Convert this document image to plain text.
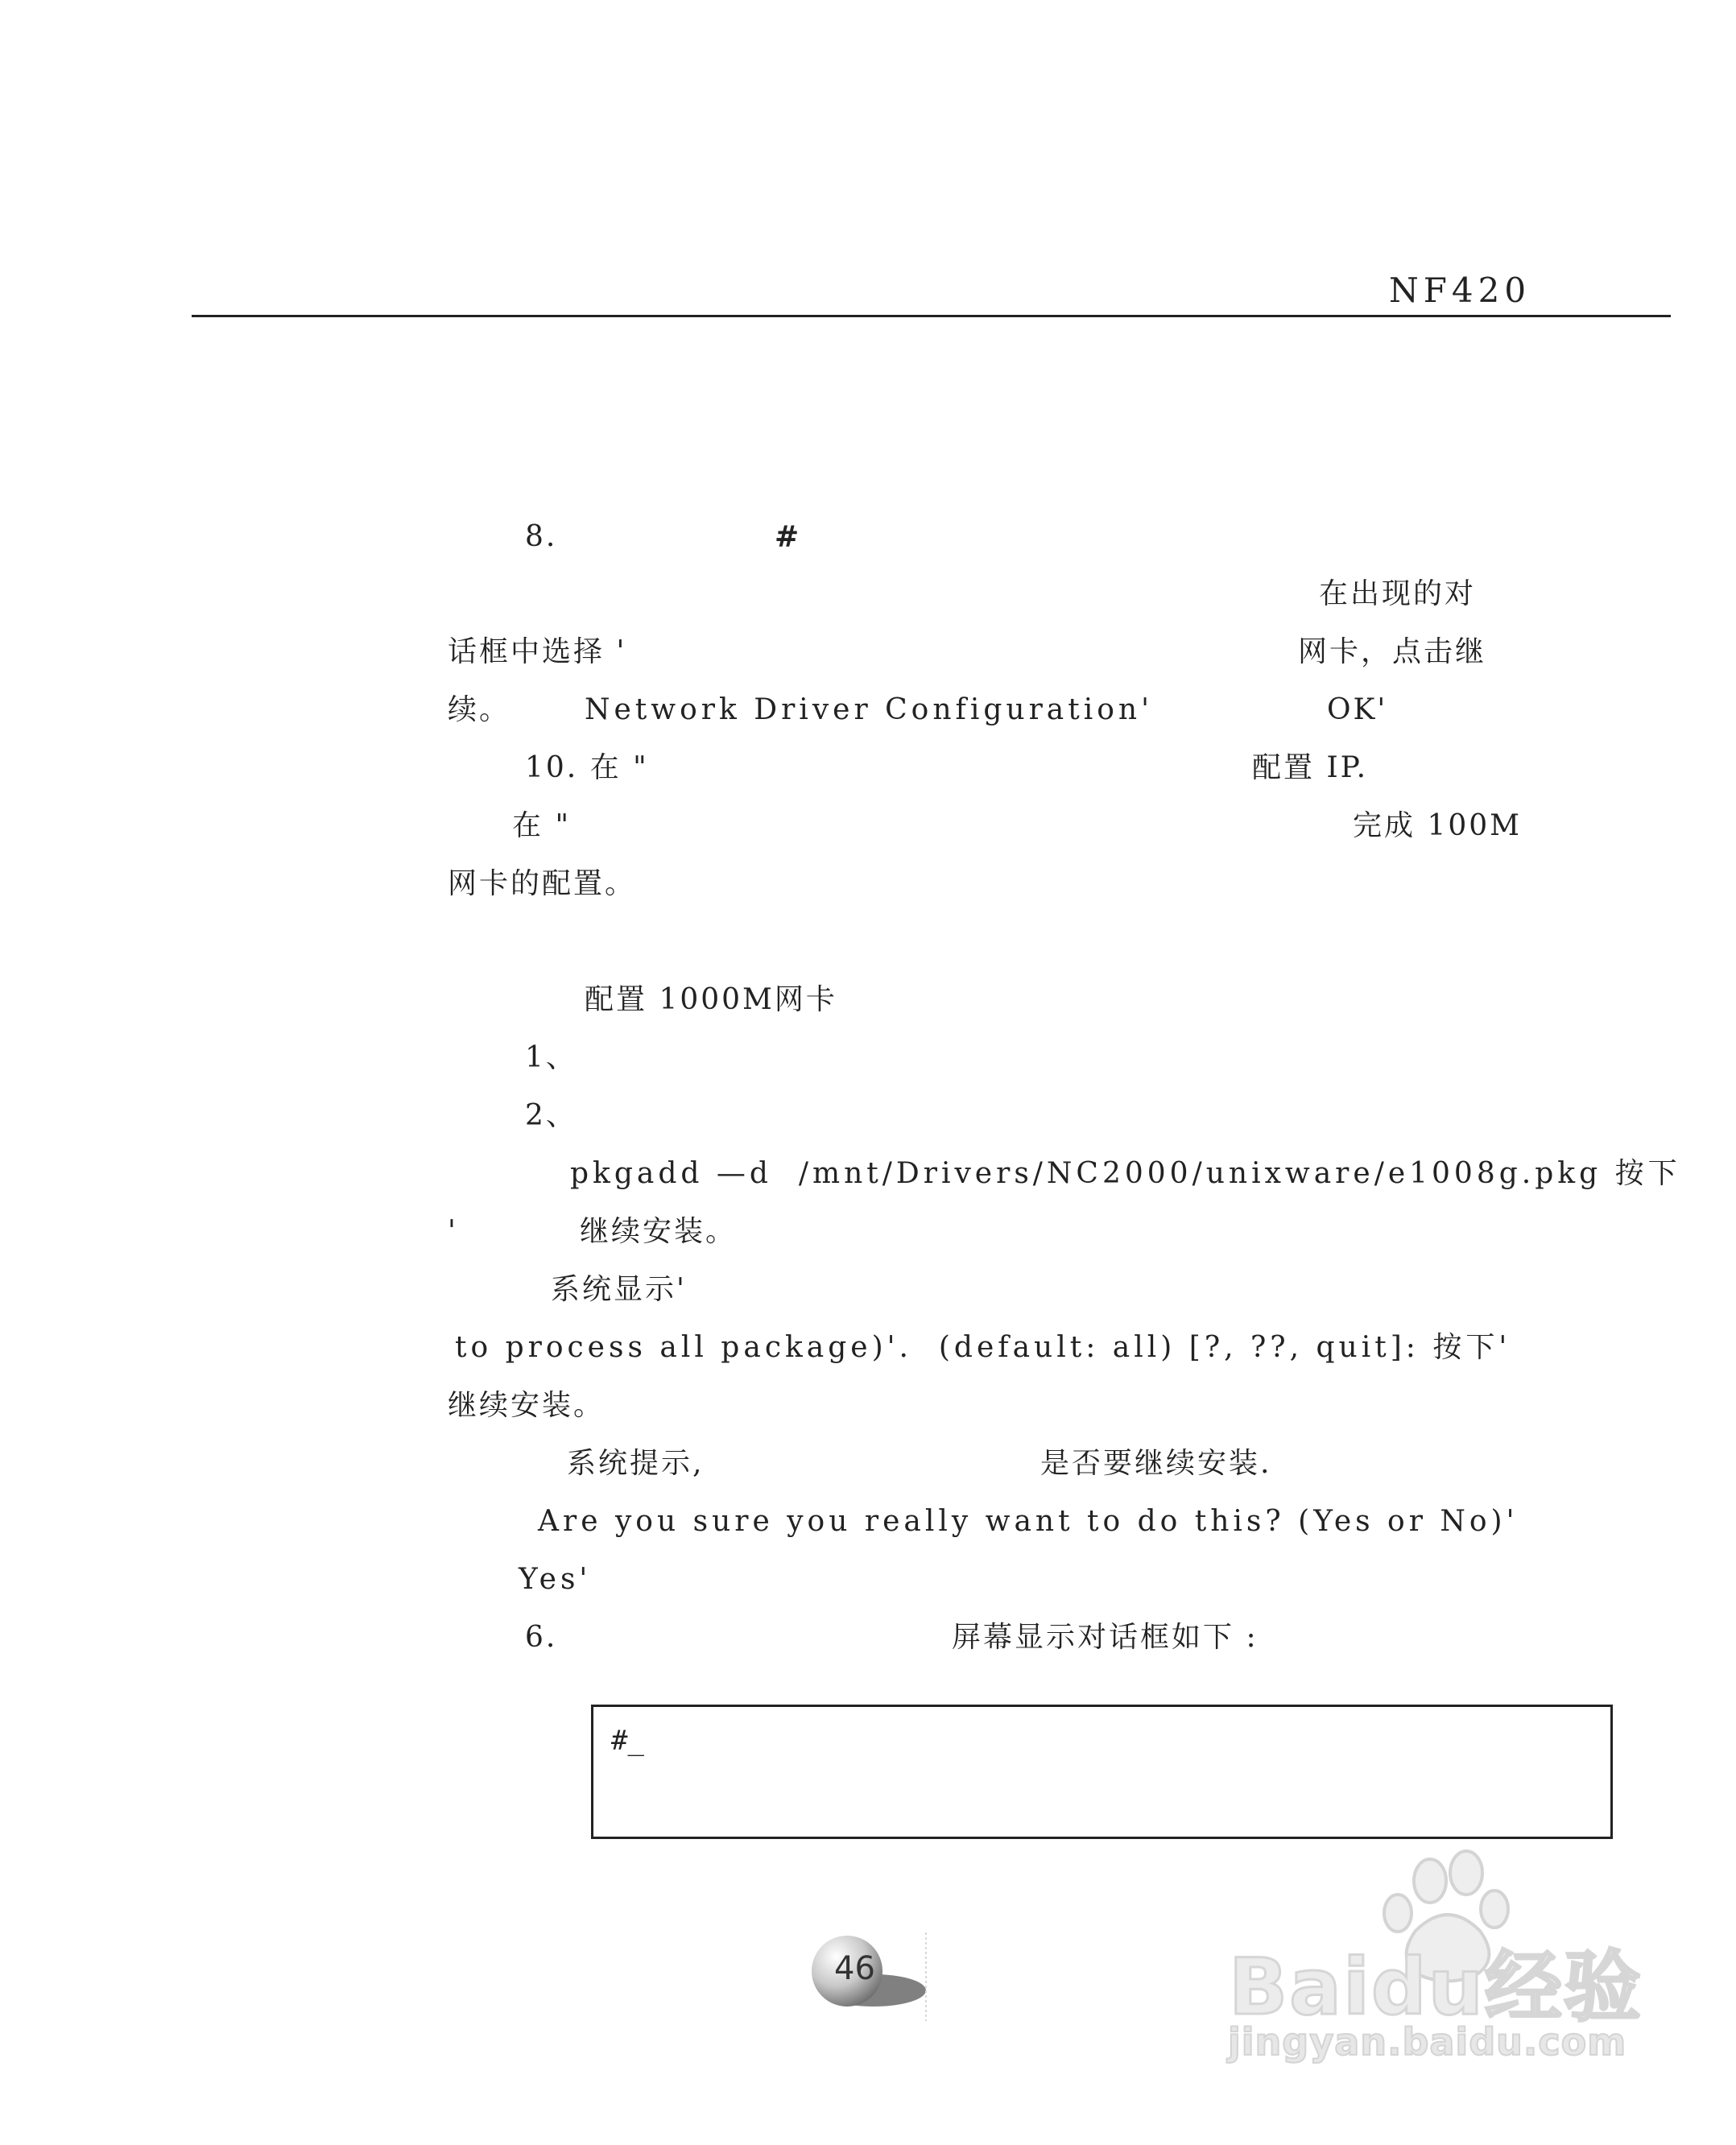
NF420
8.	#
在出现的对
话框中选择 '	网卡，点击继
续。	Network Driver Configuration'	OK'
10. 在 "	配置 IP.
在 "	完成 100M
网卡的配置。
配置 1000M网卡
1、
2、
pkgadd —d  /mnt/Drivers/NC2000/unixware/e1008g.pkg 按下
'	继续安装。
系统显示'
to process all package)'.  (default: all) [?, ??, quit]: 按下'
继续安装。
系统提示,	是否要继续安装.
Are you sure you really want to do this? (Yes or No)'
Yes'
6.	屏幕显示对话框如下 :
#_
46	Baidu经验
jingyan.baidu.com
